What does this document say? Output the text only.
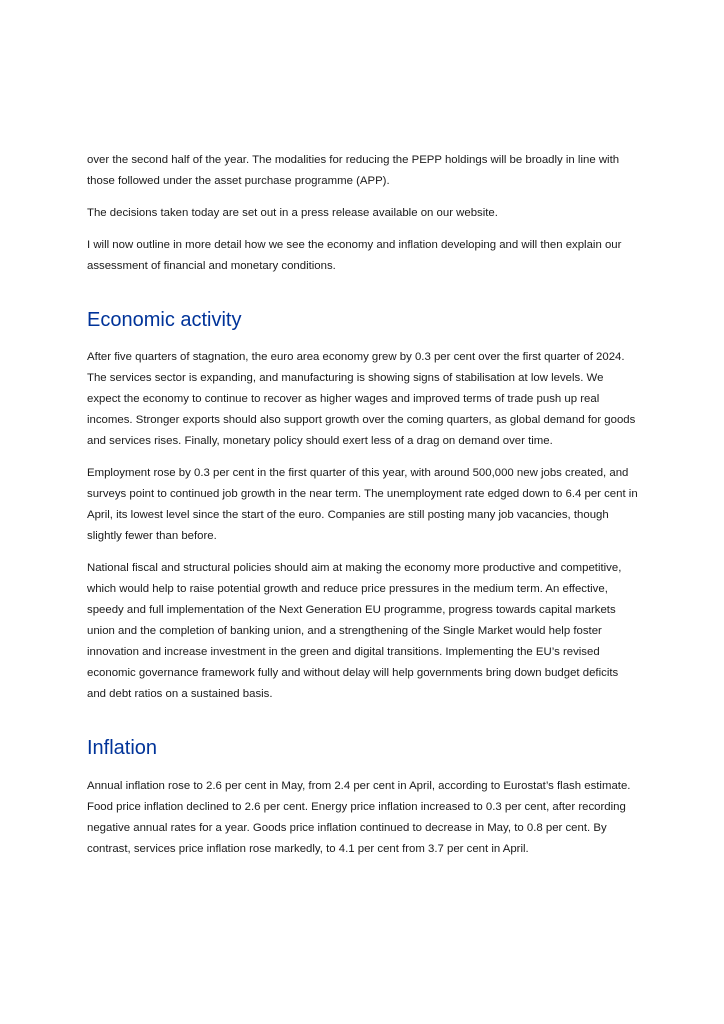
over the second half of the year. The modalities for reducing the PEPP holdings will be broadly in line with those followed under the asset purchase programme (APP).

The decisions taken today are set out in a press release available on our website.

I will now outline in more detail how we see the economy and inflation developing and will then explain our assessment of financial and monetary conditions.

Economic activity

After five quarters of stagnation, the euro area economy grew by 0.3 per cent over the first quarter of 2024. The services sector is expanding, and manufacturing is showing signs of stabilisation at low levels. We expect the economy to continue to recover as higher wages and improved terms of trade push up real incomes. Stronger exports should also support growth over the coming quarters, as global demand for goods and services rises. Finally, monetary policy should exert less of a drag on demand over time.

Employment rose by 0.3 per cent in the first quarter of this year, with around 500,000 new jobs created, and surveys point to continued job growth in the near term. The unemployment rate edged down to 6.4 per cent in April, its lowest level since the start of the euro. Companies are still posting many job vacancies, though slightly fewer than before.

National fiscal and structural policies should aim at making the economy more productive and competitive, which would help to raise potential growth and reduce price pressures in the medium term. An effective, speedy and full implementation of the Next Generation EU programme, progress towards capital markets union and the completion of banking union, and a strengthening of the Single Market would help foster innovation and increase investment in the green and digital transitions. Implementing the EU’s revised economic governance framework fully and without delay will help governments bring down budget deficits and debt ratios on a sustained basis.

Inflation

Annual inflation rose to 2.6 per cent in May, from 2.4 per cent in April, according to Eurostat’s flash estimate. Food price inflation declined to 2.6 per cent. Energy price inflation increased to 0.3 per cent, after recording negative annual rates for a year. Goods price inflation continued to decrease in May, to 0.8 per cent. By contrast, services price inflation rose markedly, to 4.1 per cent from 3.7 per cent in April.
